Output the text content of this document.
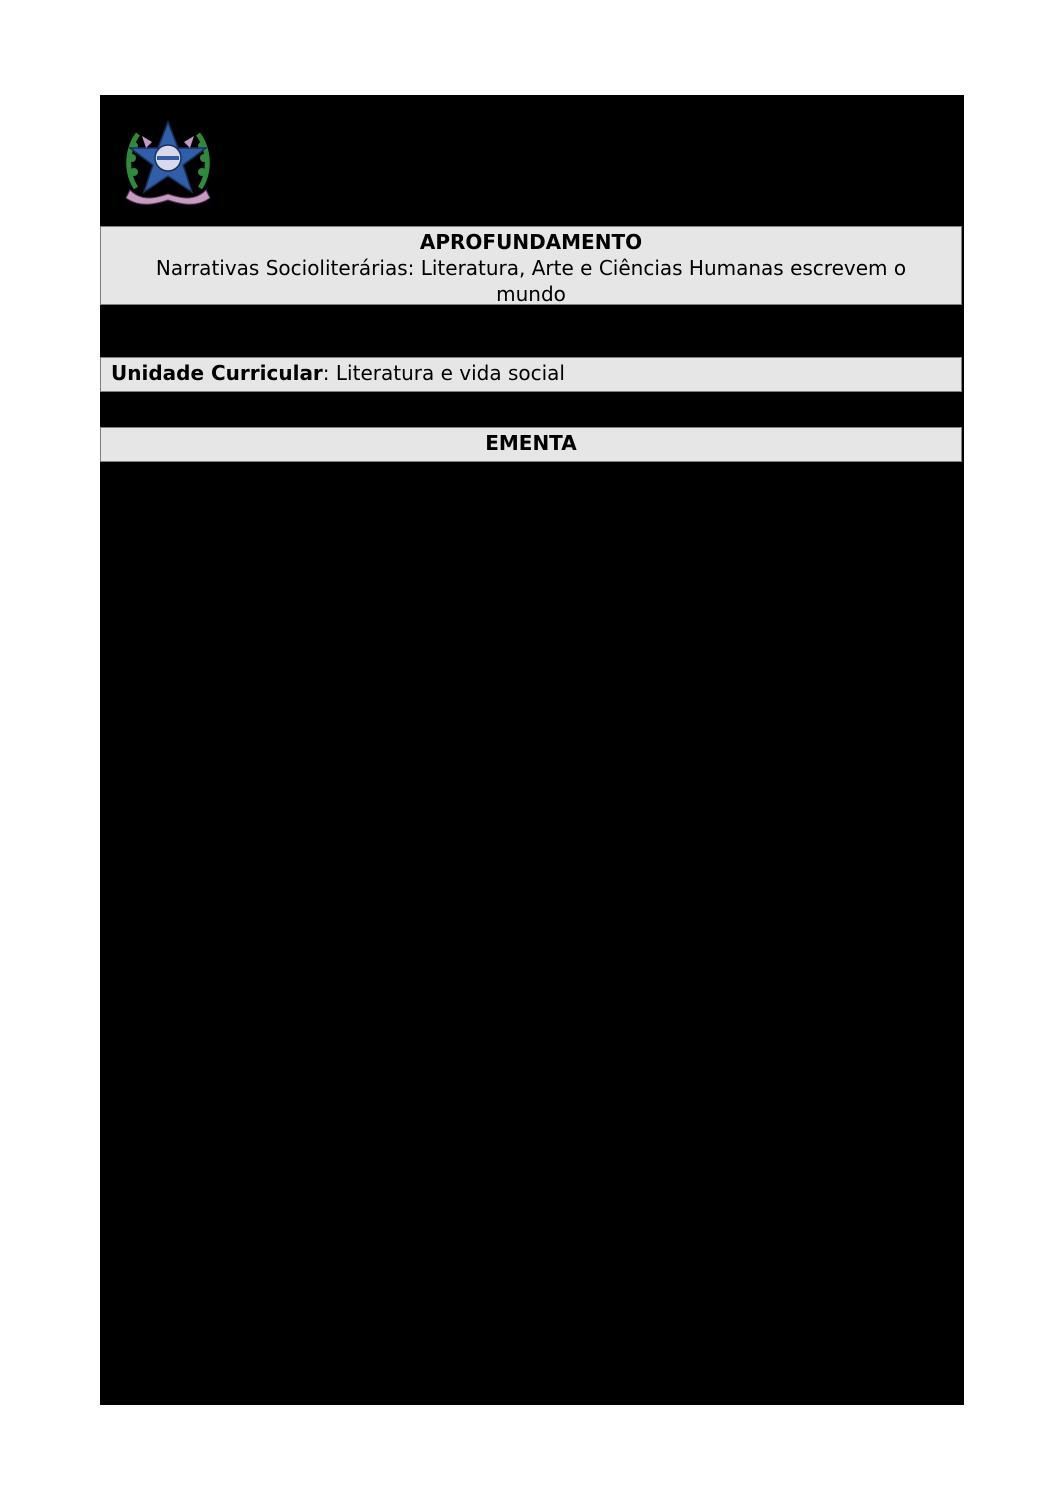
APROFUNDAMENTO
Narrativas Socioliterárias: Literatura, Arte e Ciências Humanas escrevem o mundo
Unidade Curricular: Literatura e vida social
EMENTA
